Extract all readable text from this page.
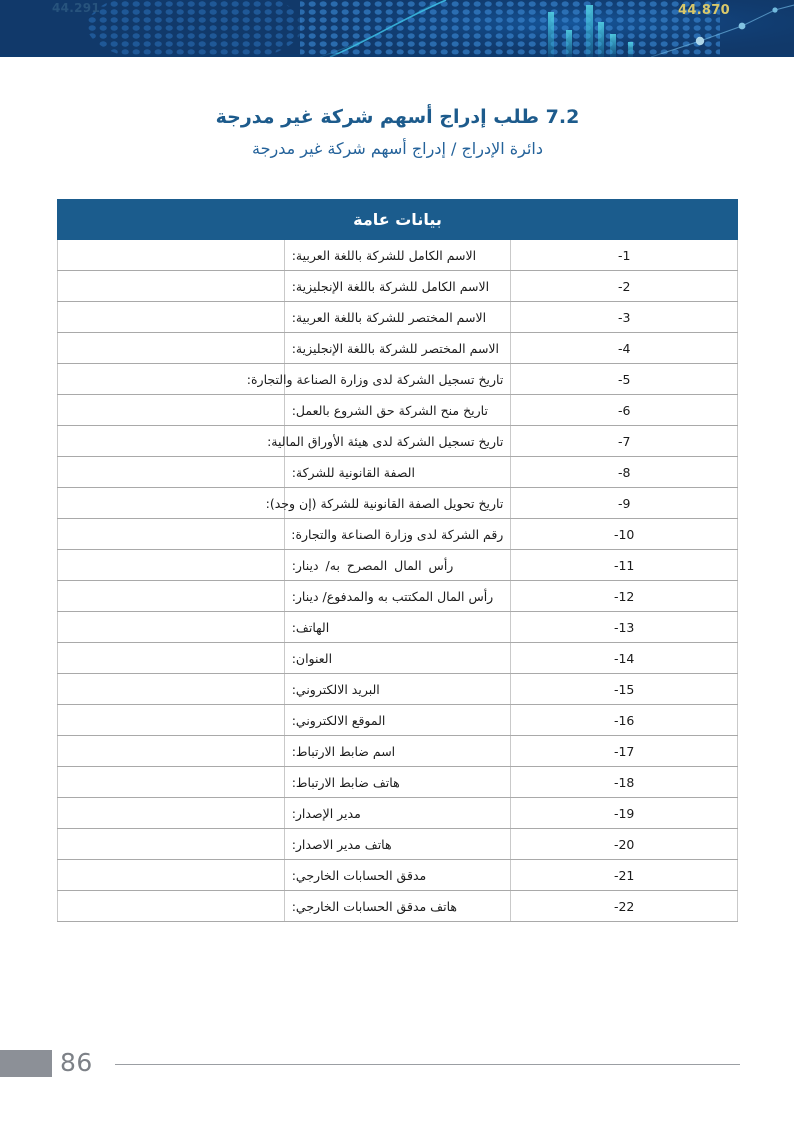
44.291	44.870
7.2 طلب إدراج أسهم شركة غير مدرجة
دائرة الإدراج / إدراج أسهم شركة غير مدرجة
بيانات عامة		
-1	الاسم الكامل للشركة باللغة العربية:	
-2	الاسم الكامل للشركة باللغة الإنجليزية:	
-3	الاسم المختصر للشركة باللغة العربية:	
-4	الاسم المختصر للشركة باللغة الإنجليزية:	
-5	تاريخ تسجيل الشركة لدى وزارة الصناعة والتجارة:	
-6	تاريخ منح الشركة حق الشروع بالعمل:	
-7	تاريخ تسجيل الشركة لدى هيئة الأوراق المالية:	
-8	الصفة القانونية للشركة:	
-9	تاريخ تحويل الصفة القانونية للشركة (إن وجد):	
-10	رقم الشركة لدى وزارة الصناعة والتجارة:	
-11	رأس المال المصرح به/ دينار:	
-12	رأس المال المكتتب به والمدفوع/ دينار:	
-13	الهاتف:	
-14	العنوان:	
-15	البريد الالكتروني:	
-16	الموقع الالكتروني:	
-17	اسم ضابط الارتباط:	
-18	هاتف ضابط الارتباط:	
-19	مدير الإصدار:	
-20	هاتف مدير الاصدار:	
-21	مدقق الحسابات الخارجي:	
-22	هاتف مدقق الحسابات الخارجي:	
86
